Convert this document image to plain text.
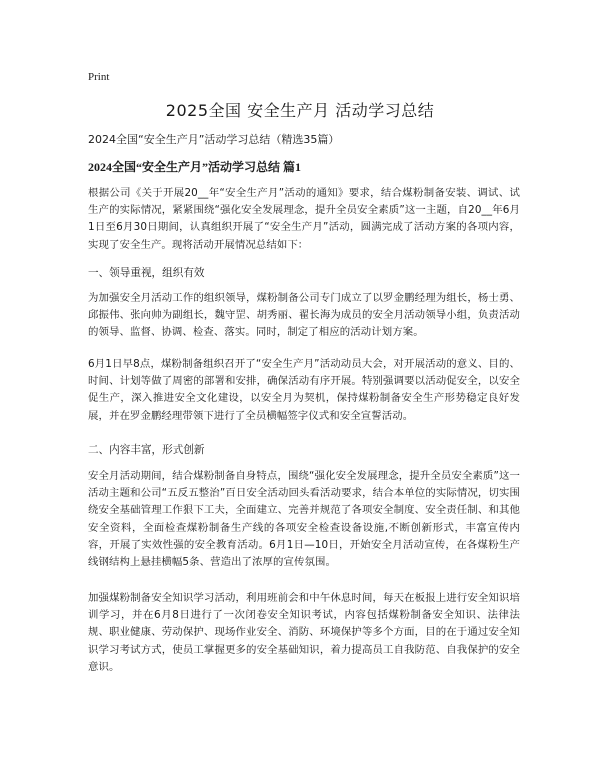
Print
2025全国 安全生产月 活动学习总结

2024全国“安全生产月”活动学习总结（精选35篇）

2024全国“安全生产月”活动学习总结 篇1

根据公司《关于开展20__年“安全生产月”活动的通知》要求，结合煤粉制备安装、调试、试生产的实际情况，紧紧围绕“强化安全发展理念，提升全员安全素质”这一主题，自20__年6月1日至6月30日期间，认真组织开展了“安全生产月”活动，圆满完成了活动方案的各项内容，实现了安全生产。现将活动开展情况总结如下：

一、领导重视，组织有效

为加强安全月活动工作的组织领导，煤粉制备公司专门成立了以罗金鹏经理为组长，杨士勇、邱振伟、张向帅为副组长，魏守罡、胡秀丽、翟长海为成员的安全月活动领导小组，负责活动的领导、监督、协调、检查、落实。同时，制定了相应的活动计划方案。

6月1日早8点，煤粉制备组织召开了“安全生产月”活动动员大会，对开展活动的意义、目的、时间、计划等做了周密的部署和安排，确保活动有序开展。特别强调要以活动促安全，以安全促生产，深入推进安全文化建设，以安全月为契机，保持煤粉制备安全生产形势稳定良好发展，并在罗金鹏经理带领下进行了全员横幅签字仪式和安全宣誓活动。

二、内容丰富，形式创新

安全月活动期间，结合煤粉制备自身特点，围绕“强化安全发展理念，提升全员安全素质”这一活动主题和公司“五反五整治”百日安全活动回头看活动要求，结合本单位的实际情况，切实围绕安全基础管理工作狠下工夫，全面建立、完善并规范了各项安全制度、安全责任制、和其他安全资料，全面检查煤粉制备生产线的各项安全检查设备设施,不断创新形式，丰富宣传内容，开展了实效性强的安全教育活动。6月1日—10日，开始安全月活动宣传，在各煤粉生产线钢结构上悬挂横幅5条、营造出了浓厚的宣传氛围。

加强煤粉制备安全知识学习活动，利用班前会和中午休息时间，每天在板报上进行安全知识培训学习，并在6月8日进行了一次闭卷安全知识考试，内容包括煤粉制备安全知识、法律法规、职业健康、劳动保护、现场作业安全、消防、环境保护等多个方面，目的在于通过安全知识学习考试方式，使员工掌握更多的安全基础知识，着力提高员工自我防范、自我保护的安全意识。
